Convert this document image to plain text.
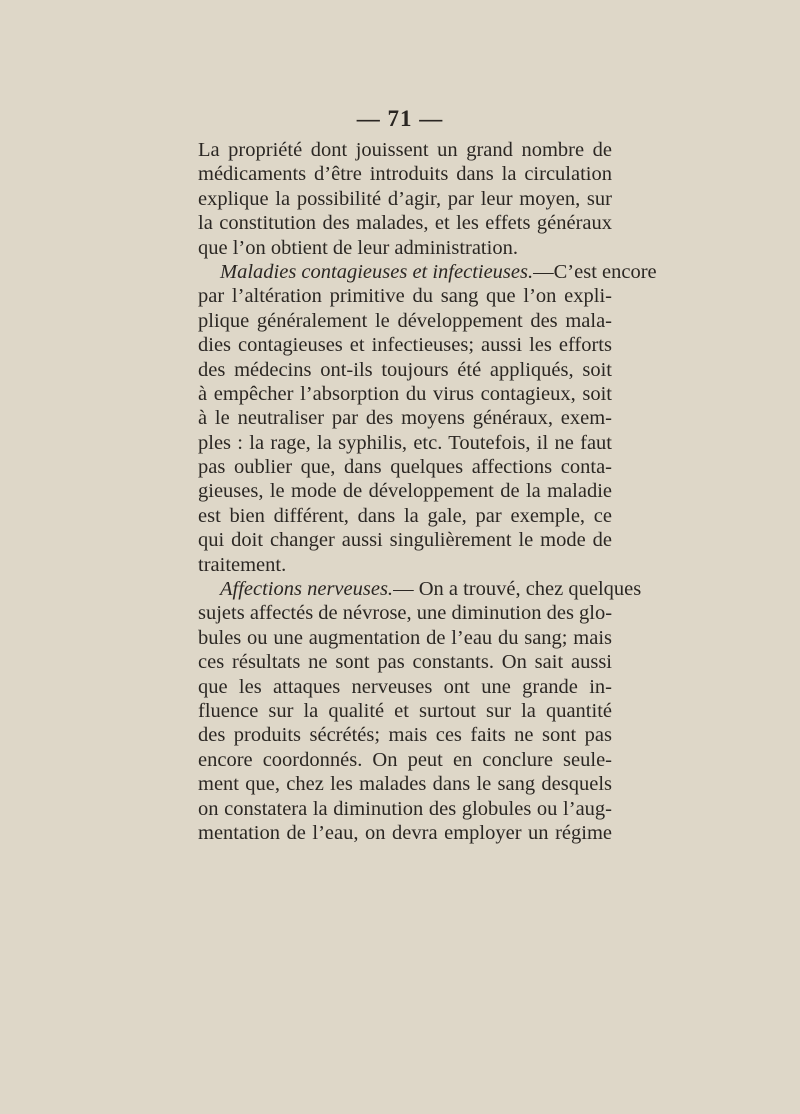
— 71 —
La propriété dont jouissent un grand nombre de
médicaments d’être introduits dans la circulation
explique la possibilité d’agir, par leur moyen, sur
la constitution des malades, et les effets généraux
que l’on obtient de leur administration.
Maladies contagieuses et infectieuses.—C’est encore
par l’altération primitive du sang que l’on expli-
plique généralement le développement des mala-
dies contagieuses et infectieuses; aussi les efforts
des médecins ont-ils toujours été appliqués, soit
à empêcher l’absorption du virus contagieux, soit
à le neutraliser par des moyens généraux, exem-
ples : la rage, la syphilis, etc. Toutefois, il ne faut
pas oublier que, dans quelques affections conta-
gieuses, le mode de développement de la maladie
est bien différent, dans la gale, par exemple, ce
qui doit changer aussi singulièrement le mode de
traitement.
Affections nerveuses.— On a trouvé, chez quelques
sujets affectés de névrose, une diminution des glo-
bules ou une augmentation de l’eau du sang; mais
ces résultats ne sont pas constants. On sait aussi
que les attaques nerveuses ont une grande in-
fluence sur la qualité et surtout sur la quantité
des produits sécrétés; mais ces faits ne sont pas
encore coordonnés. On peut en conclure seule-
ment que, chez les malades dans le sang desquels
on constatera la diminution des globules ou l’aug-
mentation de l’eau, on devra employer un régime
